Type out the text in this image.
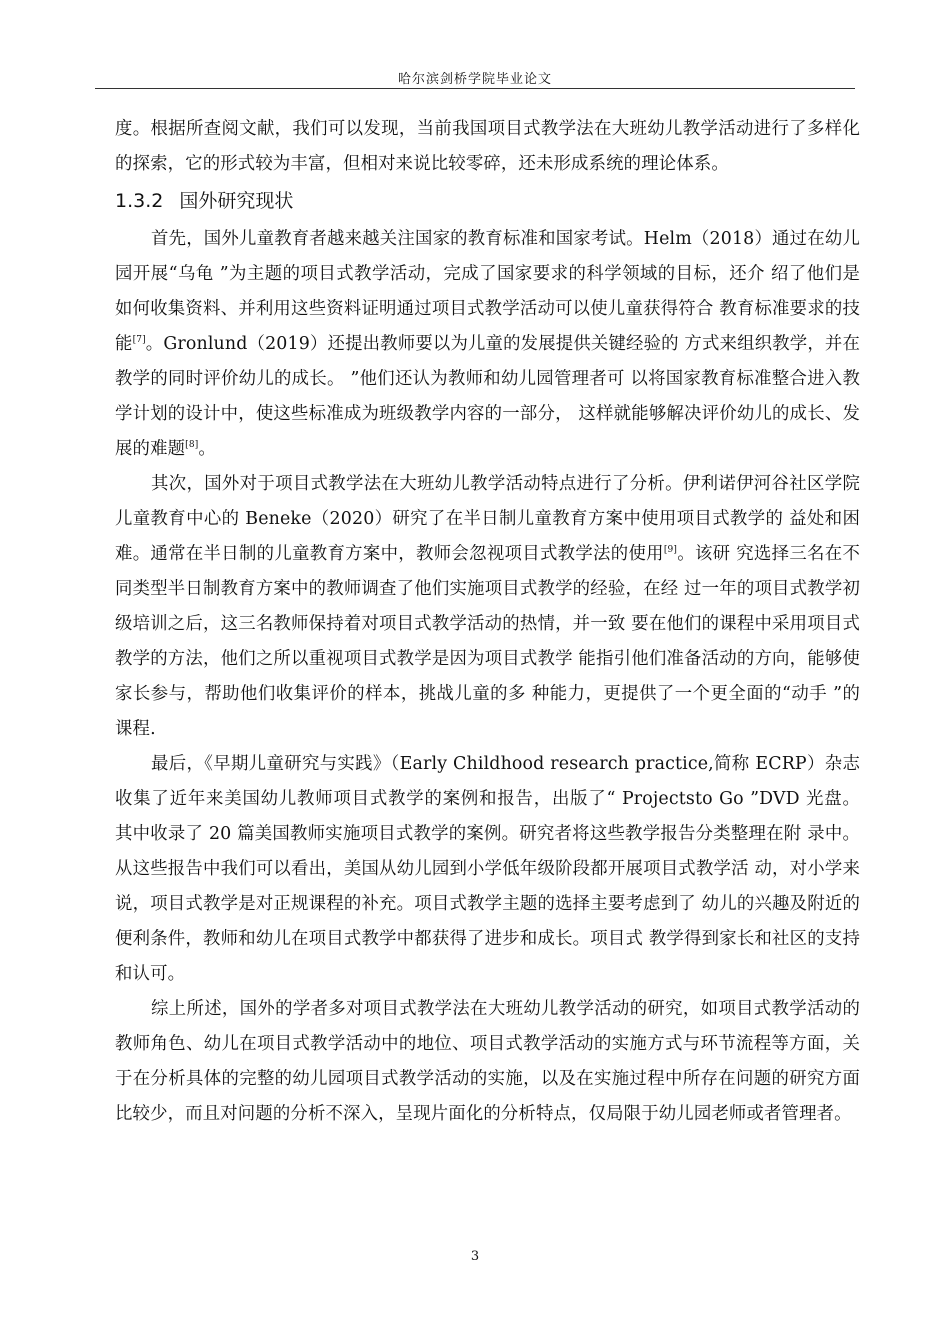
哈尔滨剑桥学院毕业论文

度。根据所查阅文献，我们可以发现，当前我国项目式教学法在大班幼儿教学活动进行了多样化的探索，它的形式较为丰富，但相对来说比较零碎，还未形成系统的理论体系。

1.3.2 国外研究现状

首先，国外儿童教育者越来越关注国家的教育标准和国家考试。Helm（2018）通过在幼儿园开展“乌龟 ”为主题的项目式教学活动，完成了国家要求的科学领域的目标，还介 绍了他们是如何收集资料、并利用这些资料证明通过项目式教学活动可以使儿童获得符合 教育标准要求的技能[7]。Gronlund（2019）还提出教师要以为儿童的发展提供关键经验的 方式来组织教学，并在教学的同时评价幼儿的成长。 ”他们还认为教师和幼儿园管理者可 以将国家教育标准整合进入教学计划的设计中，使这些标准成为班级教学内容的一部分， 这样就能够解决评价幼儿的成长、发展的难题[8]。

其次，国外对于项目式教学法在大班幼儿教学活动特点进行了分析。伊利诺伊河谷社区学院儿童教育中心的 Beneke（2020）研究了在半日制儿童教育方案中使用项目式教学的 益处和困难。通常在半日制的儿童教育方案中，教师会忽视项目式教学法的使用[9]。该研 究选择三名在不同类型半日制教育方案中的教师调查了他们实施项目式教学的经验，在经 过一年的项目式教学初级培训之后，这三名教师保持着对项目式教学活动的热情，并一致 要在他们的课程中采用项目式教学的方法，他们之所以重视项目式教学是因为项目式教学 能指引他们准备活动的方向，能够使家长参与，帮助他们收集评价的样本，挑战儿童的多 种能力，更提供了一个更全面的“动手 ”的课程.

最后，《早期儿童研究与实践》（Early Childhood research practice,简称 ECRP）杂志收集了近年来美国幼儿教师项目式教学的案例和报告，出版了“ Projectsto Go ”DVD 光盘。 其中收录了 20 篇美国教师实施项目式教学的案例。研究者将这些教学报告分类整理在附 录中。从这些报告中我们可以看出，美国从幼儿园到小学低年级阶段都开展项目式教学活 动，对小学来说，项目式教学是对正规课程的补充。项目式教学主题的选择主要考虑到了 幼儿的兴趣及附近的便利条件，教师和幼儿在项目式教学中都获得了进步和成长。项目式 教学得到家长和社区的支持和认可。

综上所述，国外的学者多对项目式教学法在大班幼儿教学活动的研究，如项目式教学活动的教师角色、幼儿在项目式教学活动中的地位、项目式教学活动的实施方式与环节流程等方面，关于在分析具体的完整的幼儿园项目式教学活动的实施，以及在实施过程中所存在问题的研究方面比较少，而且对问题的分析不深入，呈现片面化的分析特点，仅局限于幼儿园老师或者管理者。

3
